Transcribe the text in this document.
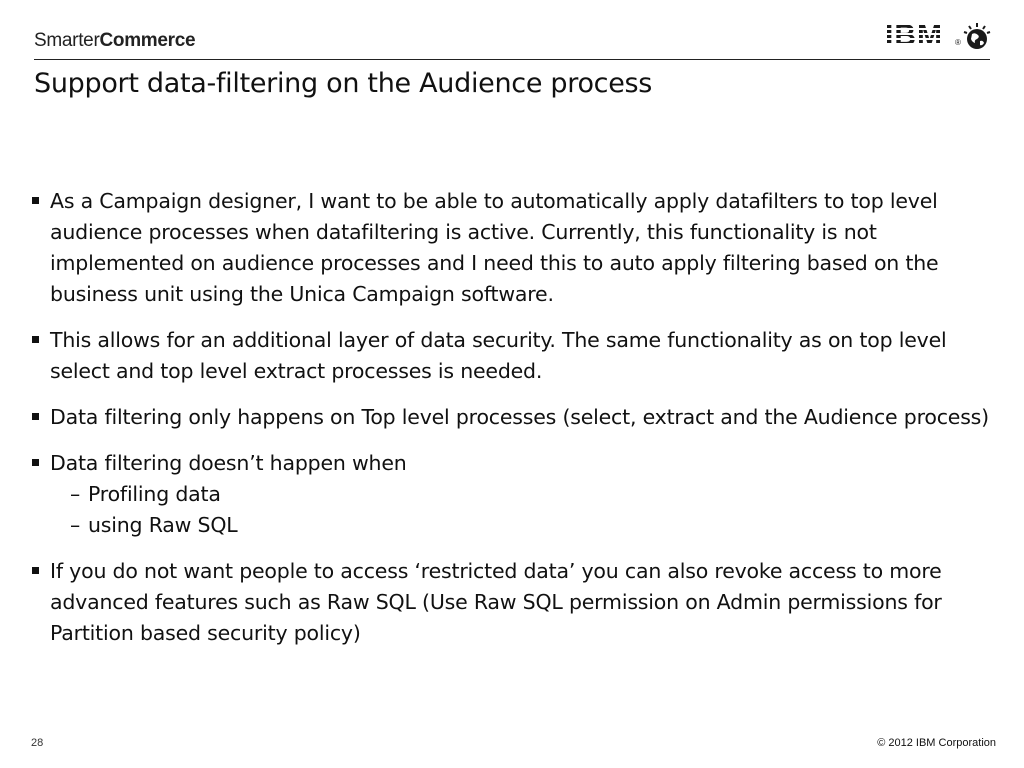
SmarterCommerce	IBM ®
Support data-filtering on the Audience process

As a Campaign designer, I want to be able to automatically apply datafilters to top level audience processes when datafiltering is active. Currently, this functionality is not implemented on audience processes and I need this to auto apply filtering based on the business unit using the Unica Campaign software.

This allows for an additional layer of data security. The same functionality as on top level select and top level extract processes is needed.

Data filtering only happens on Top level processes (select, extract and the Audience process)

Data filtering doesn’t happen when

– Profiling data

– using Raw SQL

If you do not want people to access ‘restricted data’ you can also revoke access to more advanced features such as Raw SQL (Use Raw SQL permission on Admin permissions for Partition based security policy)

28	© 2012 IBM Corporation
